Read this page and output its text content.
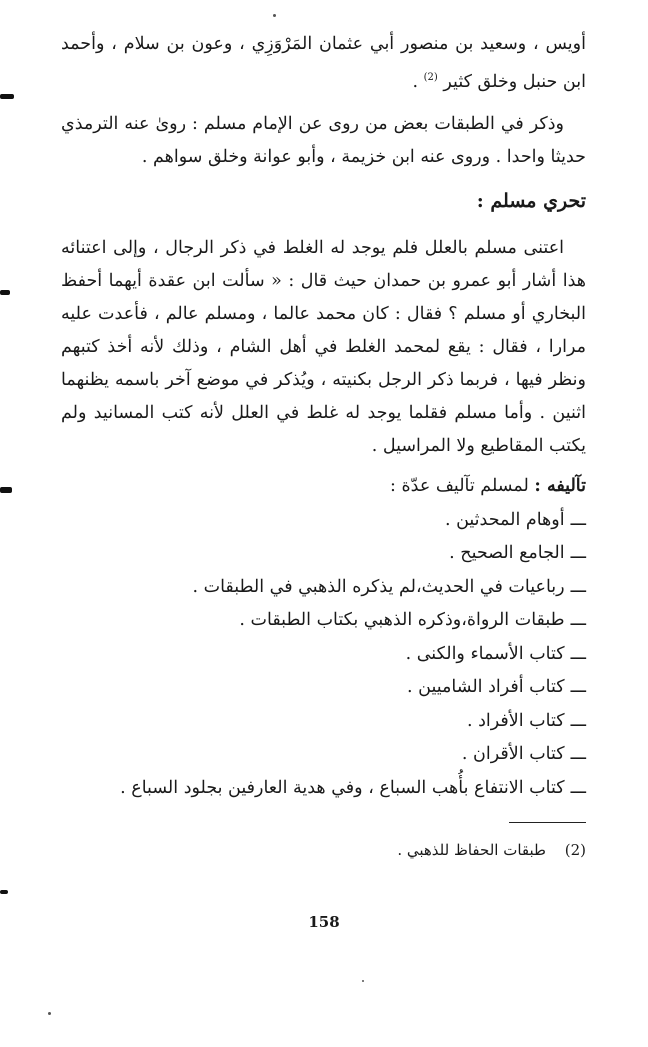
أويس ، وسعيد بن منصور أبي عثمان المَرْوَزِي ، وعون بن سلام ، وأحمد ابن حنبل وخلق كثير $^{(2)}$ .

وذكر في الطبقات بعض من روى عن الإمام مسلم : روىٰ عنه الترمذي حديثا واحدا . وروى عنه ابن خزيمة ، وأبو عوانة وخلق سواهم .

تحري مسلم :

اعتنى مسلم بالعلل فلم يوجد له الغلط في ذكر الرجال ، وإلى اعتنائه هذا أشار أبو عمرو بن حمدان حيث قال : « سألت ابن عقدة أيهما أحفظ البخاري أو مسلم ؟ فقال : كان محمد عالما ، ومسلم عالم ، فأعدت عليه مرارا ، فقال : يقع لمحمد الغلط في أهل الشام ، وذلك لأنه أخذ كتبهم ونظر فيها ، فربما ذكر الرجل بكنيته ، ويُذكر في موضع آخر باسمه يظنهما اثنين . وأما مسلم فقلما يوجد له غلط في العلل لأنه كتب المسانيد ولم يكتب المقاطيع ولا المراسيل .

تآليفه : لمسلم تآليف عدّة :

ـــأوهام المحدثين .
ـــالجامع الصحيح .
ـــرباعيات في الحديث،لم يذكره الذهبي في الطبقات .
ـــطبقات الرواة،وذكره الذهبي بكتاب الطبقات .
ـــكتاب الأسماء والكنى .
ـــكتاب أفراد الشاميين .
ـــكتاب الأفراد .
ـــكتاب الأقران .
ـــكتاب الانتفاع بأُهب السباع ، وفي هدية العارفين بجلود السباع .
(2) طبقات الحفاظ للذهبي .
158
